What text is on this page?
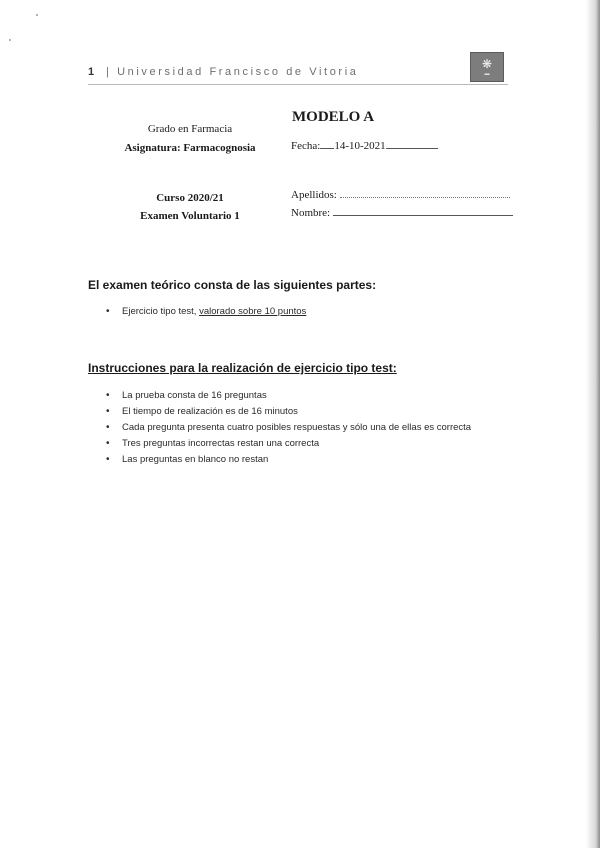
1 | Universidad Francisco de Vitoria
❋
▬
Grado en Farmacia
Asignatura: Farmacognosia
Curso 2020/21
Examen Voluntario 1
MODELO A
Fecha: 14-10-2021
Apellidos:
Nombre:
El examen teórico consta de las siguientes partes:
• Ejercicio tipo test, valorado sobre 10 puntos
Instrucciones para la realización de ejercicio tipo test:
• La prueba consta de 16 preguntas
• El tiempo de realización es de 16 minutos
• Cada pregunta presenta cuatro posibles respuestas y sólo una de ellas es correcta
• Tres preguntas incorrectas restan una correcta
• Las preguntas en blanco no restan
